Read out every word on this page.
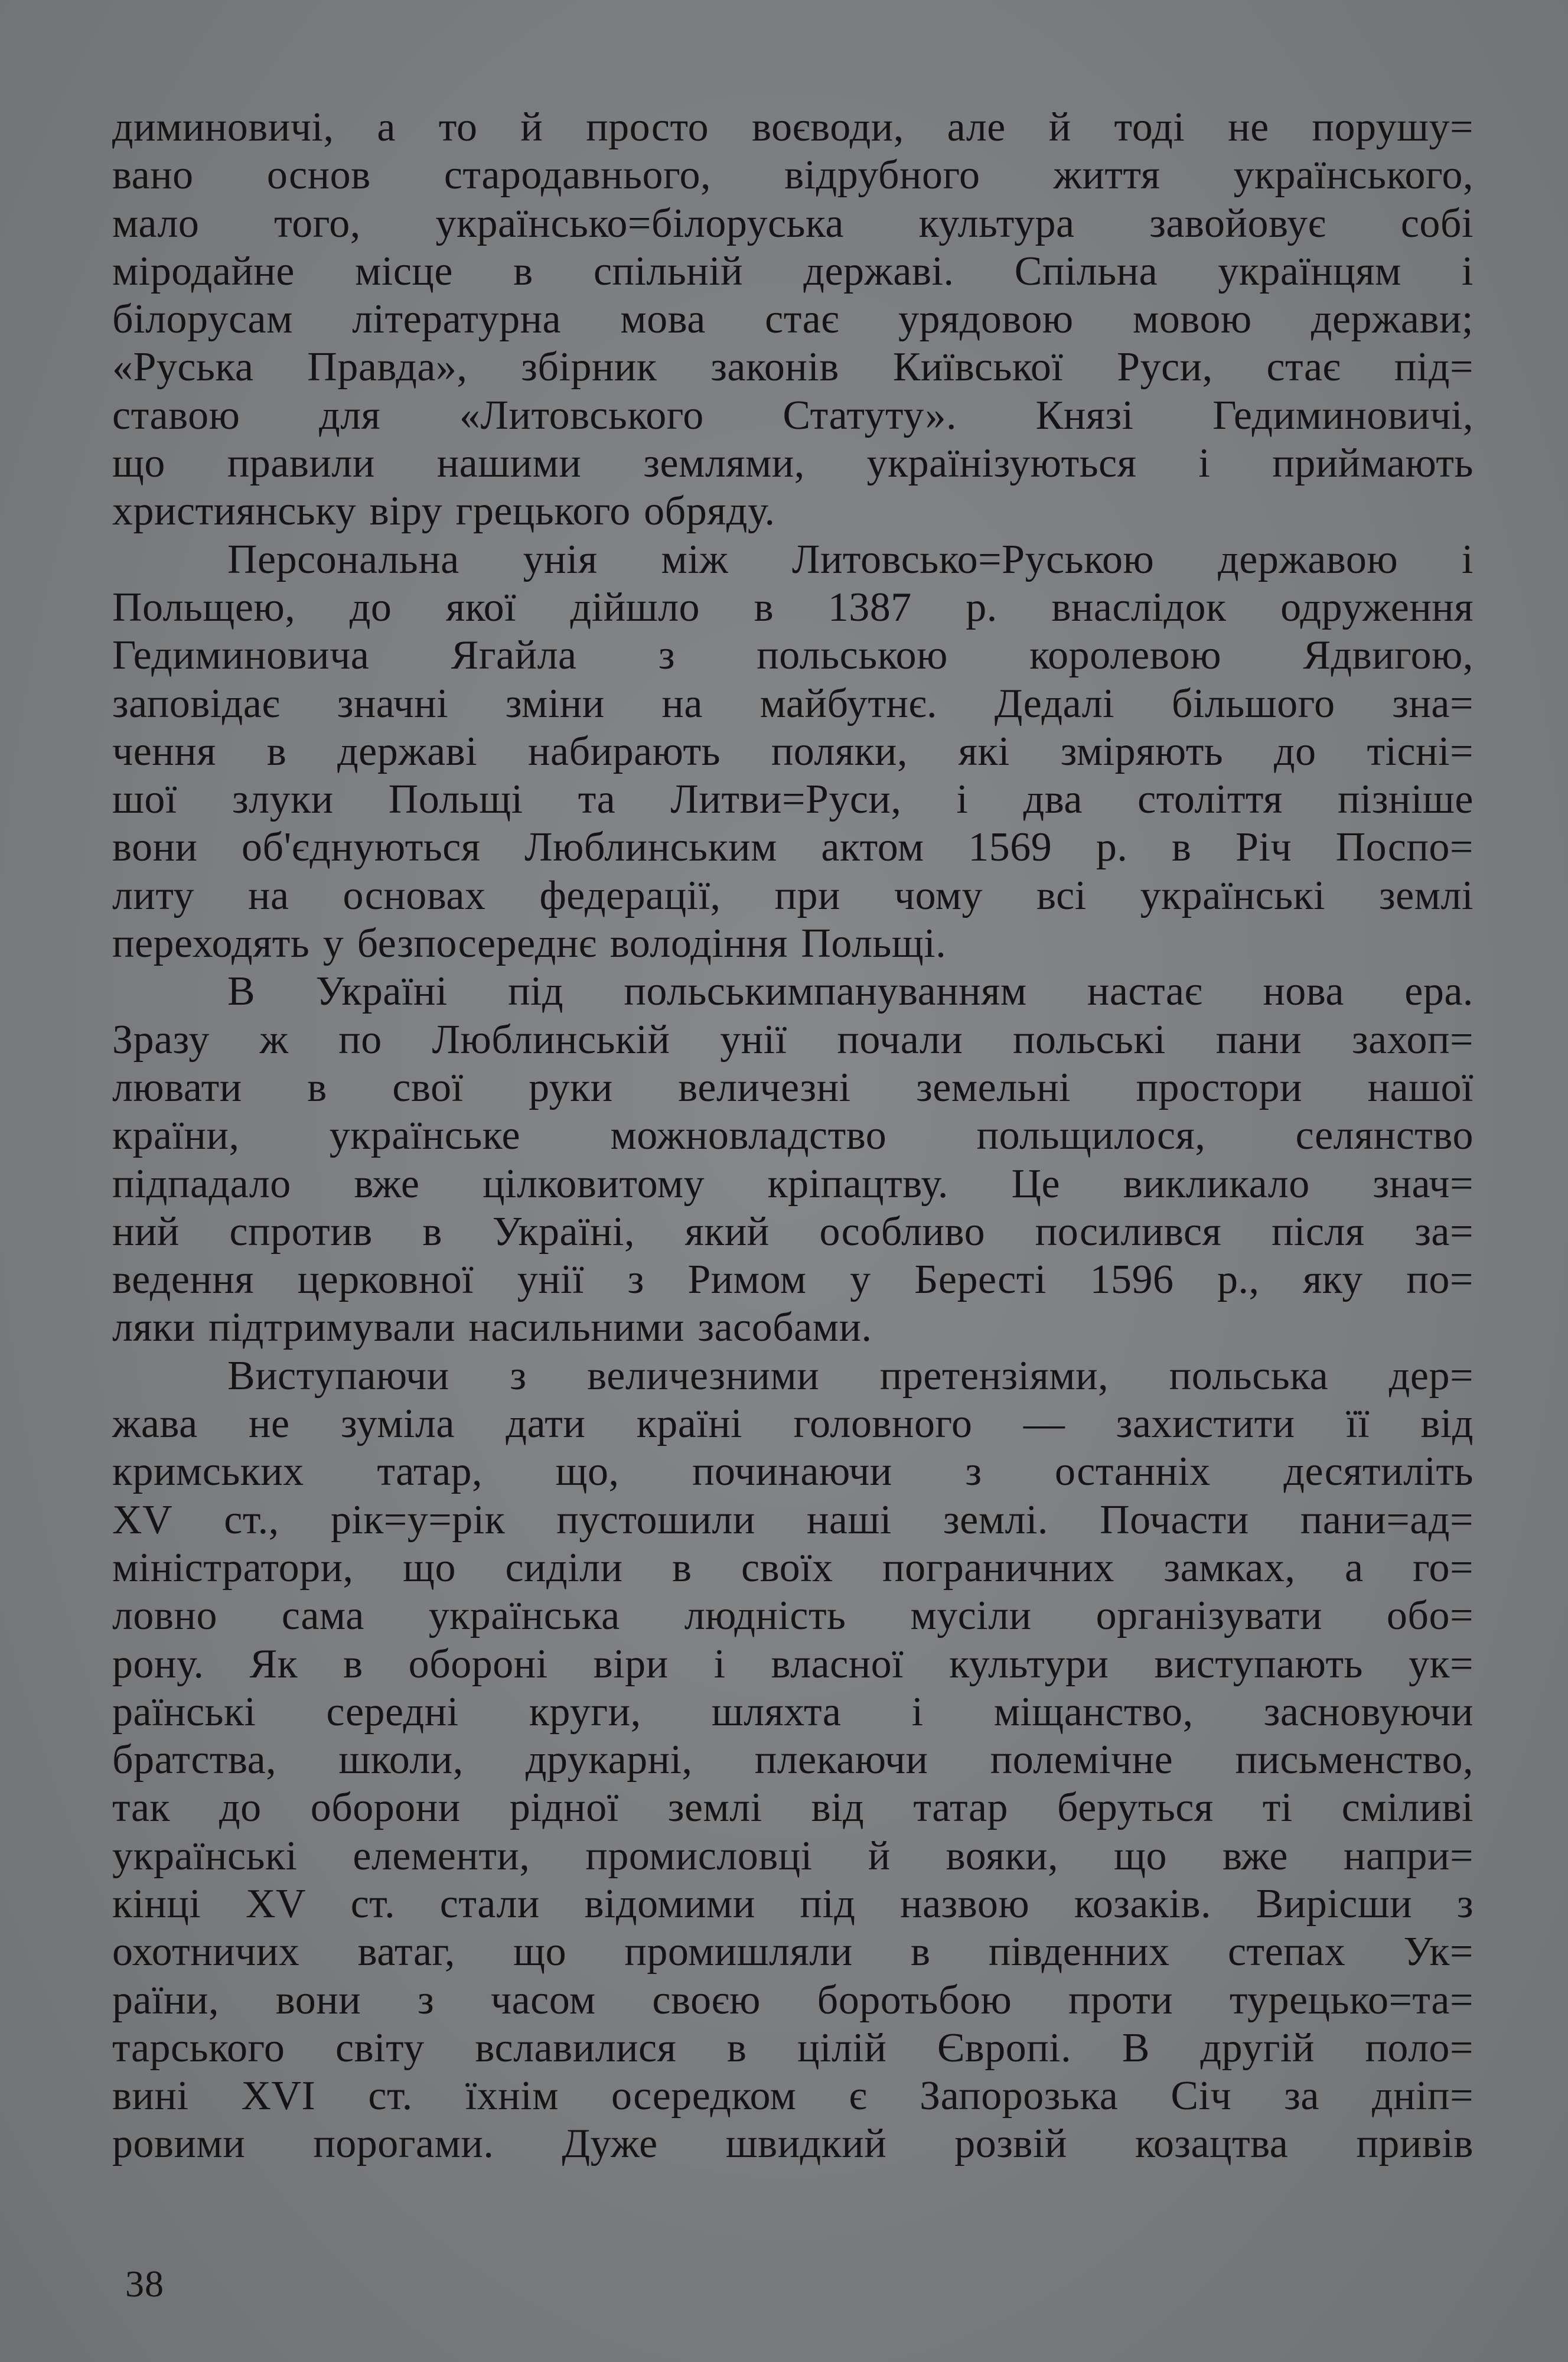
диминовичі, а то й просто воєводи, але й тоді не порушу=
вано основ стародавнього, відрубного життя українського,
мало того, українсько=білоруська культура завойовує собі
міродайне місце в спільній державі. Спільна українцям і
білорусам літературна мова стає урядовою мовою держави;
«Руська Правда», збірник законів Київської Руси, стає під=
ставою для «Литовського Статуту». Князі Гедиминовичі,
що правили нашими землями, українізуються і приймають
християнську віру грецького обряду.
Персональна унія між Литовсько=Руською державою і
Польщею, до якої дійшло в 1387 р. внаслідок одруження
Гедиминовича Ягайла з польською королевою Ядвигою,
заповідає значні зміни на майбутнє. Дедалі більшого зна=
чення в державі набирають поляки, які зміряють до тісні=
шої злуки Польщі та Литви=Руси, і два століття пізніше
вони об'єднуються Люблинським актом 1569 р. в Річ Поспо=
литу на основах федерації, при чому всі українські землі
переходять у безпосереднє володіння Польщі.
В Україні під польськимпануванням настає нова ера.
Зразу ж по Люблинській унії почали польські пани захоп=
лювати в свої руки величезні земельні простори нашої
країни, українське можновладство польщилося, селянство
підпадало вже цілковитому кріпацтву. Це викликало знач=
ний спротив в Україні, який особливо посилився після за=
ведення церковної унії з Римом у Бересті 1596 р., яку по=
ляки підтримували насильними засобами.
Виступаючи з величезними претензіями, польська дер=
жава не зуміла дати країні головного — захистити її від
кримських татар, що, починаючи з останніх десятиліть
XV ст., рік=у=рік пустошили наші землі. Почасти пани=ад=
міністратори, що сиділи в своїх пограничних замках, а го=
ловно сама українська людність мусіли організувати обо=
рону. Як в обороні віри і власної культури виступають ук=
раїнські середні круги, шляхта і міщанство, засновуючи
братства, школи, друкарні, плекаючи полемічне письменство,
так до оборони рідної землі від татар беруться ті сміливі
українські елементи, промисловці й вояки, що вже напри=
кінці XV ст. стали відомими під назвою козаків. Вирісши з
охотничих ватаг, що промишляли в південних степах Ук=
раїни, вони з часом своєю боротьбою проти турецько=та=
тарського світу вславилися в цілій Європі. В другій поло=
вині XVI ст. їхнім осередком є Запорозька Січ за дніп=
ровими порогами. Дуже швидкий розвій козацтва привів
38
